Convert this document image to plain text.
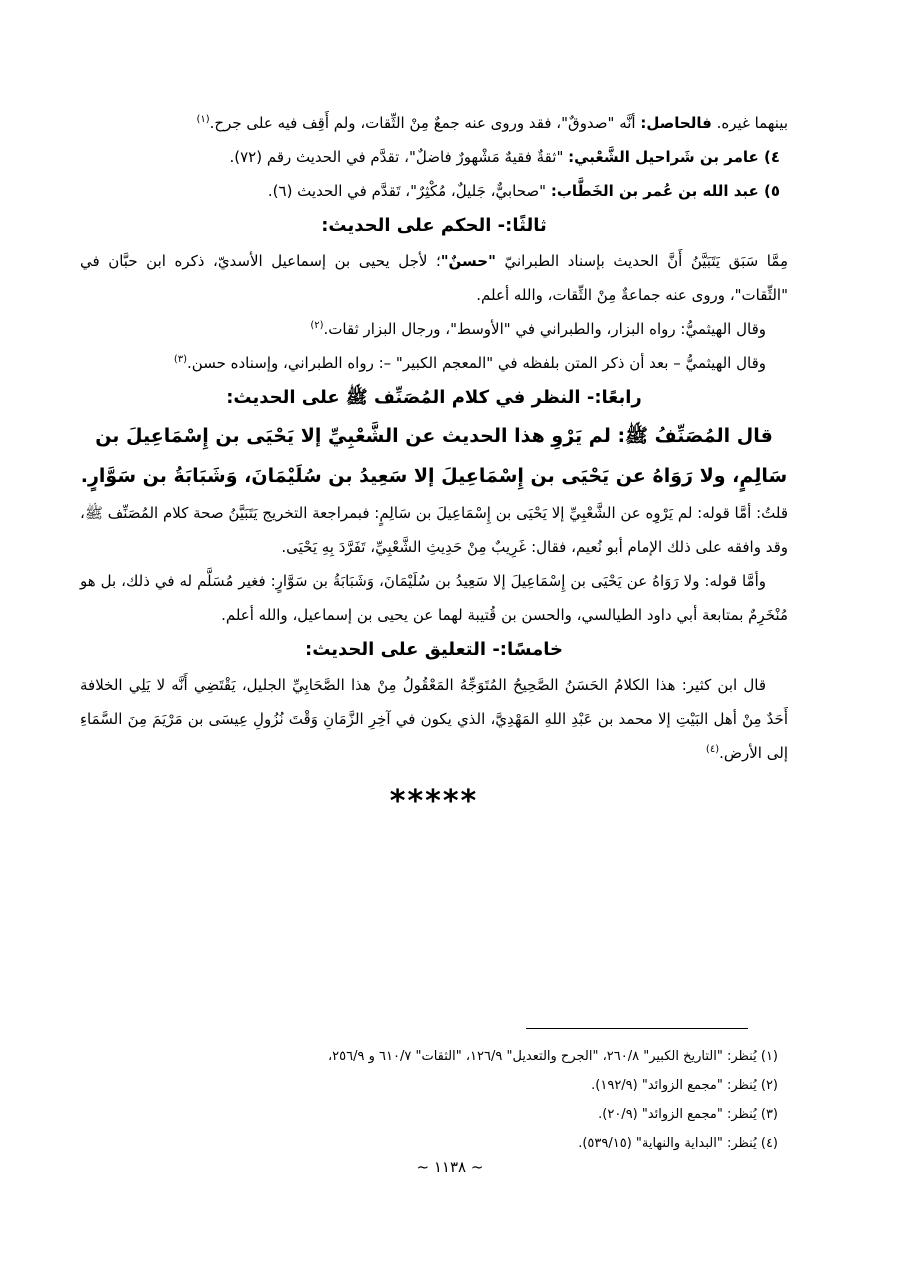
بينهما غيره. فالحاصل: أنَّه "صدوقٌ"، فقد وروى عنه جمعٌ مِنْ الثِّقات، ولم أَقِف فيه على جرح.$^{(١)}$

٤) عامر بن شَراحيل الشَّعْبي: "ثقةٌ فقيهٌ مَشْهورٌ فاضلٌ"، تقدَّم في الحديث رقم (٧٢).

٥) عبد الله بن عُمر بن الخَطَّاب: "صحابيٌّ، جَليلٌ، مُكْثِرٌ"، تَقدَّم في الحديث (٦).

ثالثًا:- الحكم على الحديث:

مِمَّا سَبَق يَتَبَيَّنُ أَنَّ الحديث بإسناد الطبرانيّ "حسنٌ"؛ لأجل يحيى بن إسماعيل الأسديّ، ذكره ابن حبَّان في "الثِّقات"، وروى عنه جماعةٌ مِنْ الثِّقات، والله أعلم.

وقال الهيثميُّ: رواه البزار، والطبراني في "الأوسط"، ورجال البزار ثقات.$^{(٢)}$

وقال الهيثميُّ – بعد أن ذكر المتن بلفظه في "المعجم الكبير" –: رواه الطبراني، وإسناده حسن.$^{(٣)}$

رابعًا:- النظر في كلام المُصَنِّف ﷺ على الحديث:

قال المُصَنِّفُ ﷺ: لم يَرْوِ هذا الحديث عن الشَّعْبِيِّ إلا يَحْيَى بن إِسْمَاعِيلَ بن سَالِمٍ، ولا رَوَاهُ عن يَحْيَى بن إِسْمَاعِيلَ إلا سَعِيدُ بن سُلَيْمَانَ، وَشَبَابَةُ بن سَوَّارٍ.

قلتُ: أمَّا قوله: لم يَرْوِه عن الشَّعْبِيِّ إلا يَحْيَى بن إِسْمَاعِيلَ بن سَالِمٍ: فبمراجعة التخريج يَتَبَيَّنُ صحة كلام المُصَنِّف ﷺ، وقد وافقه على ذلك الإمام أبو نُعيم، فقال: غَرِيبٌ مِنْ حَدِيثِ الشَّعْبِيِّ، تَفَرَّدَ بِهِ يَحْيَى.

وأمَّا قوله: ولا رَوَاهُ عن يَحْيَى بن إِسْمَاعِيلَ إلا سَعِيدُ بن سُلَيْمَانَ، وَشَبَابَةُ بن سَوَّارٍ: فغير مُسَلَّم له في ذلك، بل هو مُنْخَرِمٌ بمتابعة أبي داود الطيالسي، والحسن بن قُتيبة لهما عن يحيى بن إسماعيل، والله أعلم.

خامسًا:- التعليق على الحديث:

قال ابن كثير: هذا الكلامُ الحَسَنُ الصَّحِيحُ المُتَوَجِّهُ المَعْقُولُ مِنْ هذا الصَّحَابِيِّ الجليل، يَقْتَضِي أَنَّه لا يَلِي الخلافة أَحَدٌ مِنْ أهل البَيْتِ إلا محمد بن عَبْدِ اللهِ المَهْدِيَّ، الذي يكون في آخِرِ الزَّمَانِ وَقْتَ نُزُولِ عِيسَى بن مَرْيَمَ مِنَ السَّمَاءِ إلى الأرض.$^{(٤)}$

*****

(١) يُنظر: "التاريخ الكبير" ٢٦٠/٨، "الجرح والتعديل" ١٢٦/٩، "الثقات" ٦١٠/٧ و ٢٥٦/٩،

(٢) يُنظر: "مجمع الزوائد" (١٩٢/٩).

(٣) يُنظر: "مجمع الزوائد" (٢٠/٩).

(٤) يُنظر: "البداية والنهاية" (٥٣٩/١٥).

~ ١١٣٨ ~
